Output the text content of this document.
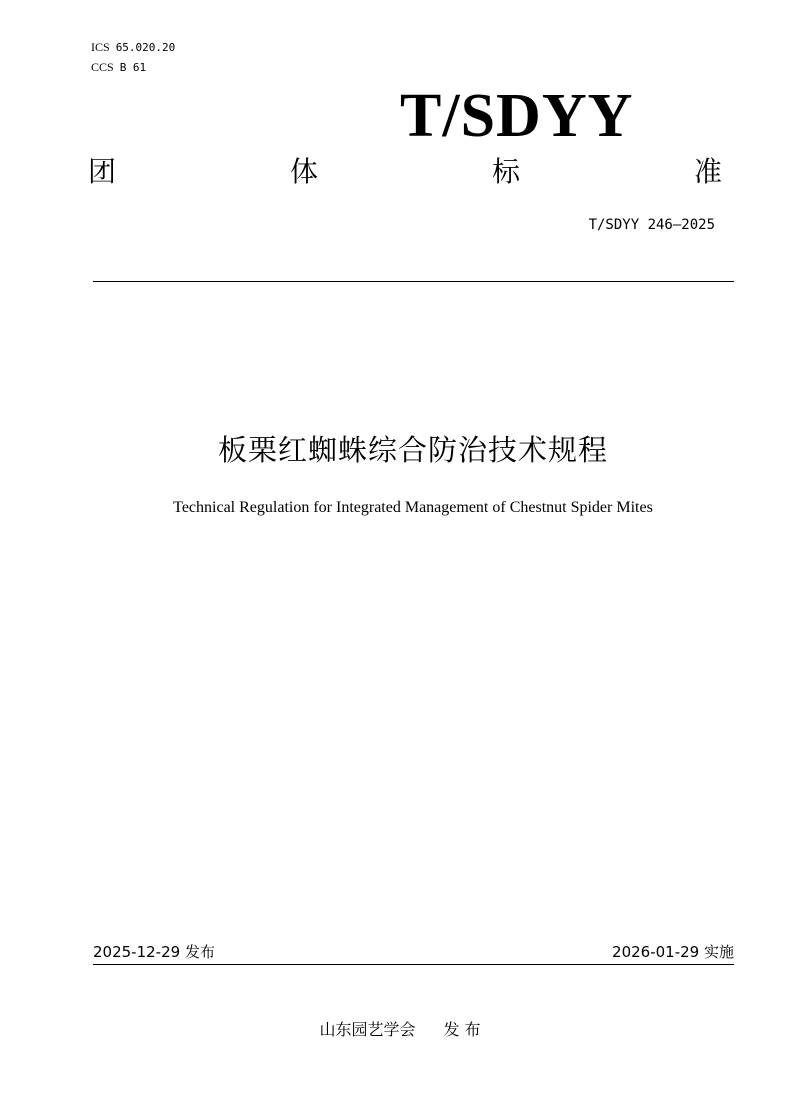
ICS 65.020.20
CCS B 61
T/SDYY
团	体	标	准
T/SDYY 246—2025
板栗红蜘蛛综合防治技术规程
Technical Regulation for Integrated Management of Chestnut Spider Mites
2025-12-29 发布	2026-01-29 实施
山东园艺学会 发 布
